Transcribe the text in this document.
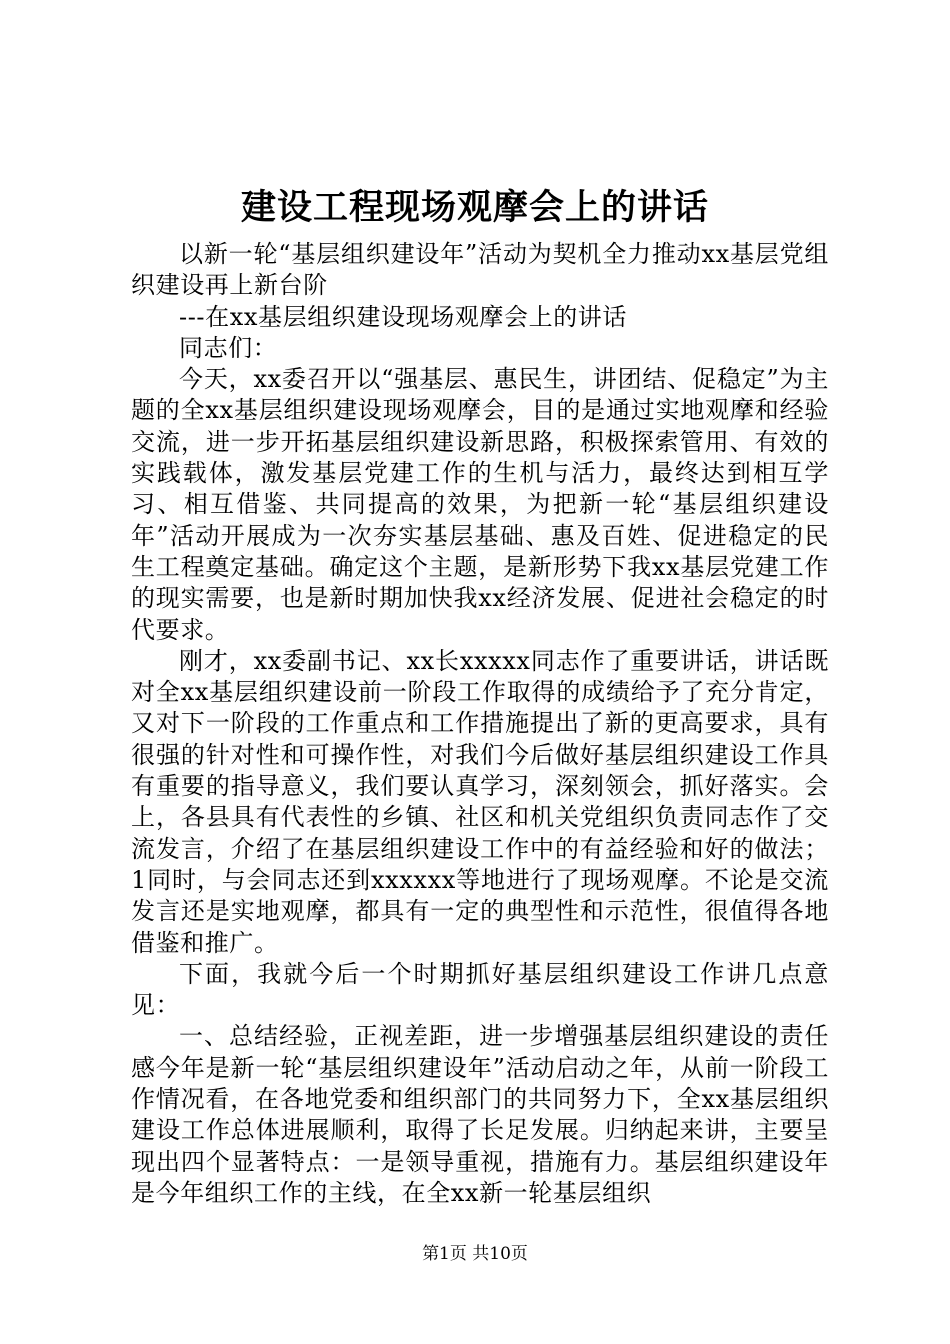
建设工程现场观摩会上的讲话

以新一轮“基层组织建设年”活动为契机全力推动xx基层党组织建设再上新台阶

---在xx基层组织建设现场观摩会上的讲话

同志们：

今天，xx委召开以“强基层、惠民生，讲团结、促稳定”为主题的全xx基层组织建设现场观摩会，目的是通过实地观摩和经验交流，进一步开拓基层组织建设新思路，积极探索管用、有效的实践载体，激发基层党建工作的生机与活力，最终达到相互学习、相互借鉴、共同提高的效果，为把新一轮“基层组织建设年”活动开展成为一次夯实基层基础、惠及百姓、促进稳定的民生工程奠定基础。确定这个主题，是新形势下我xx基层党建工作的现实需要，也是新时期加快我xx经济发展、促进社会稳定的时代要求。

刚才，xx委副书记、xx长xxxxx同志作了重要讲话，讲话既对全xx基层组织建设前一阶段工作取得的成绩给予了充分肯定，又对下一阶段的工作重点和工作措施提出了新的更高要求，具有很强的针对性和可操作性，对我们今后做好基层组织建设工作具有重要的指导意义，我们要认真学习，深刻领会，抓好落实。会上，各县具有代表性的乡镇、社区和机关党组织负责同志作了交流发言，介绍了在基层组织建设工作中的有益经验和好的做法；1同时，与会同志还到xxxxxx等地进行了现场观摩。不论是交流发言还是实地观摩，都具有一定的典型性和示范性，很值得各地借鉴和推广。

下面，我就今后一个时期抓好基层组织建设工作讲几点意见：

一、总结经验，正视差距，进一步增强基层组织建设的责任感今年是新一轮“基层组织建设年”活动启动之年，从前一阶段工作情况看，在各地党委和组织部门的共同努力下，全xx基层组织建设工作总体进展顺利，取得了长足发展。归纳起来讲，主要呈现出四个显著特点：一是领导重视，措施有力。基层组织建设年是今年组织工作的主线，在全xx新一轮基层组织

第1页 共10页
